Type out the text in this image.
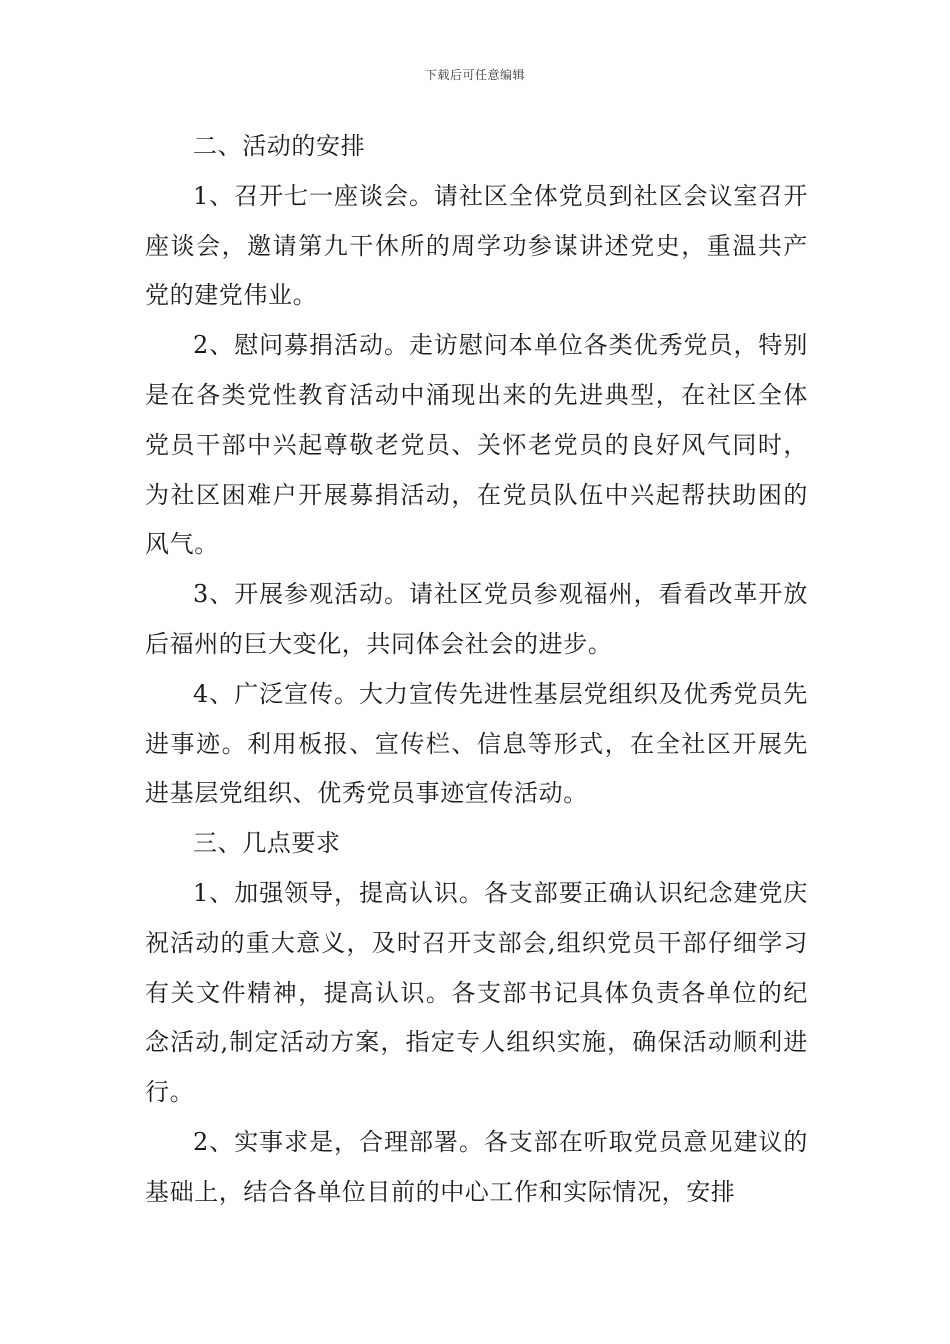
下载后可任意编辑

二、活动的安排

1、召开七一座谈会。请社区全体党员到社区会议室召开座谈会，邀请第九干休所的周学功参谋讲述党史，重温共产党的建党伟业。

2、慰问募捐活动。走访慰问本单位各类优秀党员，特别是在各类党性教育活动中涌现出来的先进典型，在社区全体党员干部中兴起尊敬老党员、关怀老党员的良好风气同时，为社区困难户开展募捐活动，在党员队伍中兴起帮扶助困的风气。

3、开展参观活动。请社区党员参观福州，看看改革开放后福州的巨大变化，共同体会社会的进步。

4、广泛宣传。大力宣传先进性基层党组织及优秀党员先进事迹。利用板报、宣传栏、信息等形式，在全社区开展先进基层党组织、优秀党员事迹宣传活动。

三、几点要求

1、加强领导，提高认识。各支部要正确认识纪念建党庆祝活动的重大意义，及时召开支部会,组织党员干部仔细学习有关文件精神，提高认识。各支部书记具体负责各单位的纪念活动,制定活动方案，指定专人组织实施，确保活动顺利进行。

2、实事求是，合理部署。各支部在听取党员意见建议的基础上，结合各单位目前的中心工作和实际情况，安排
